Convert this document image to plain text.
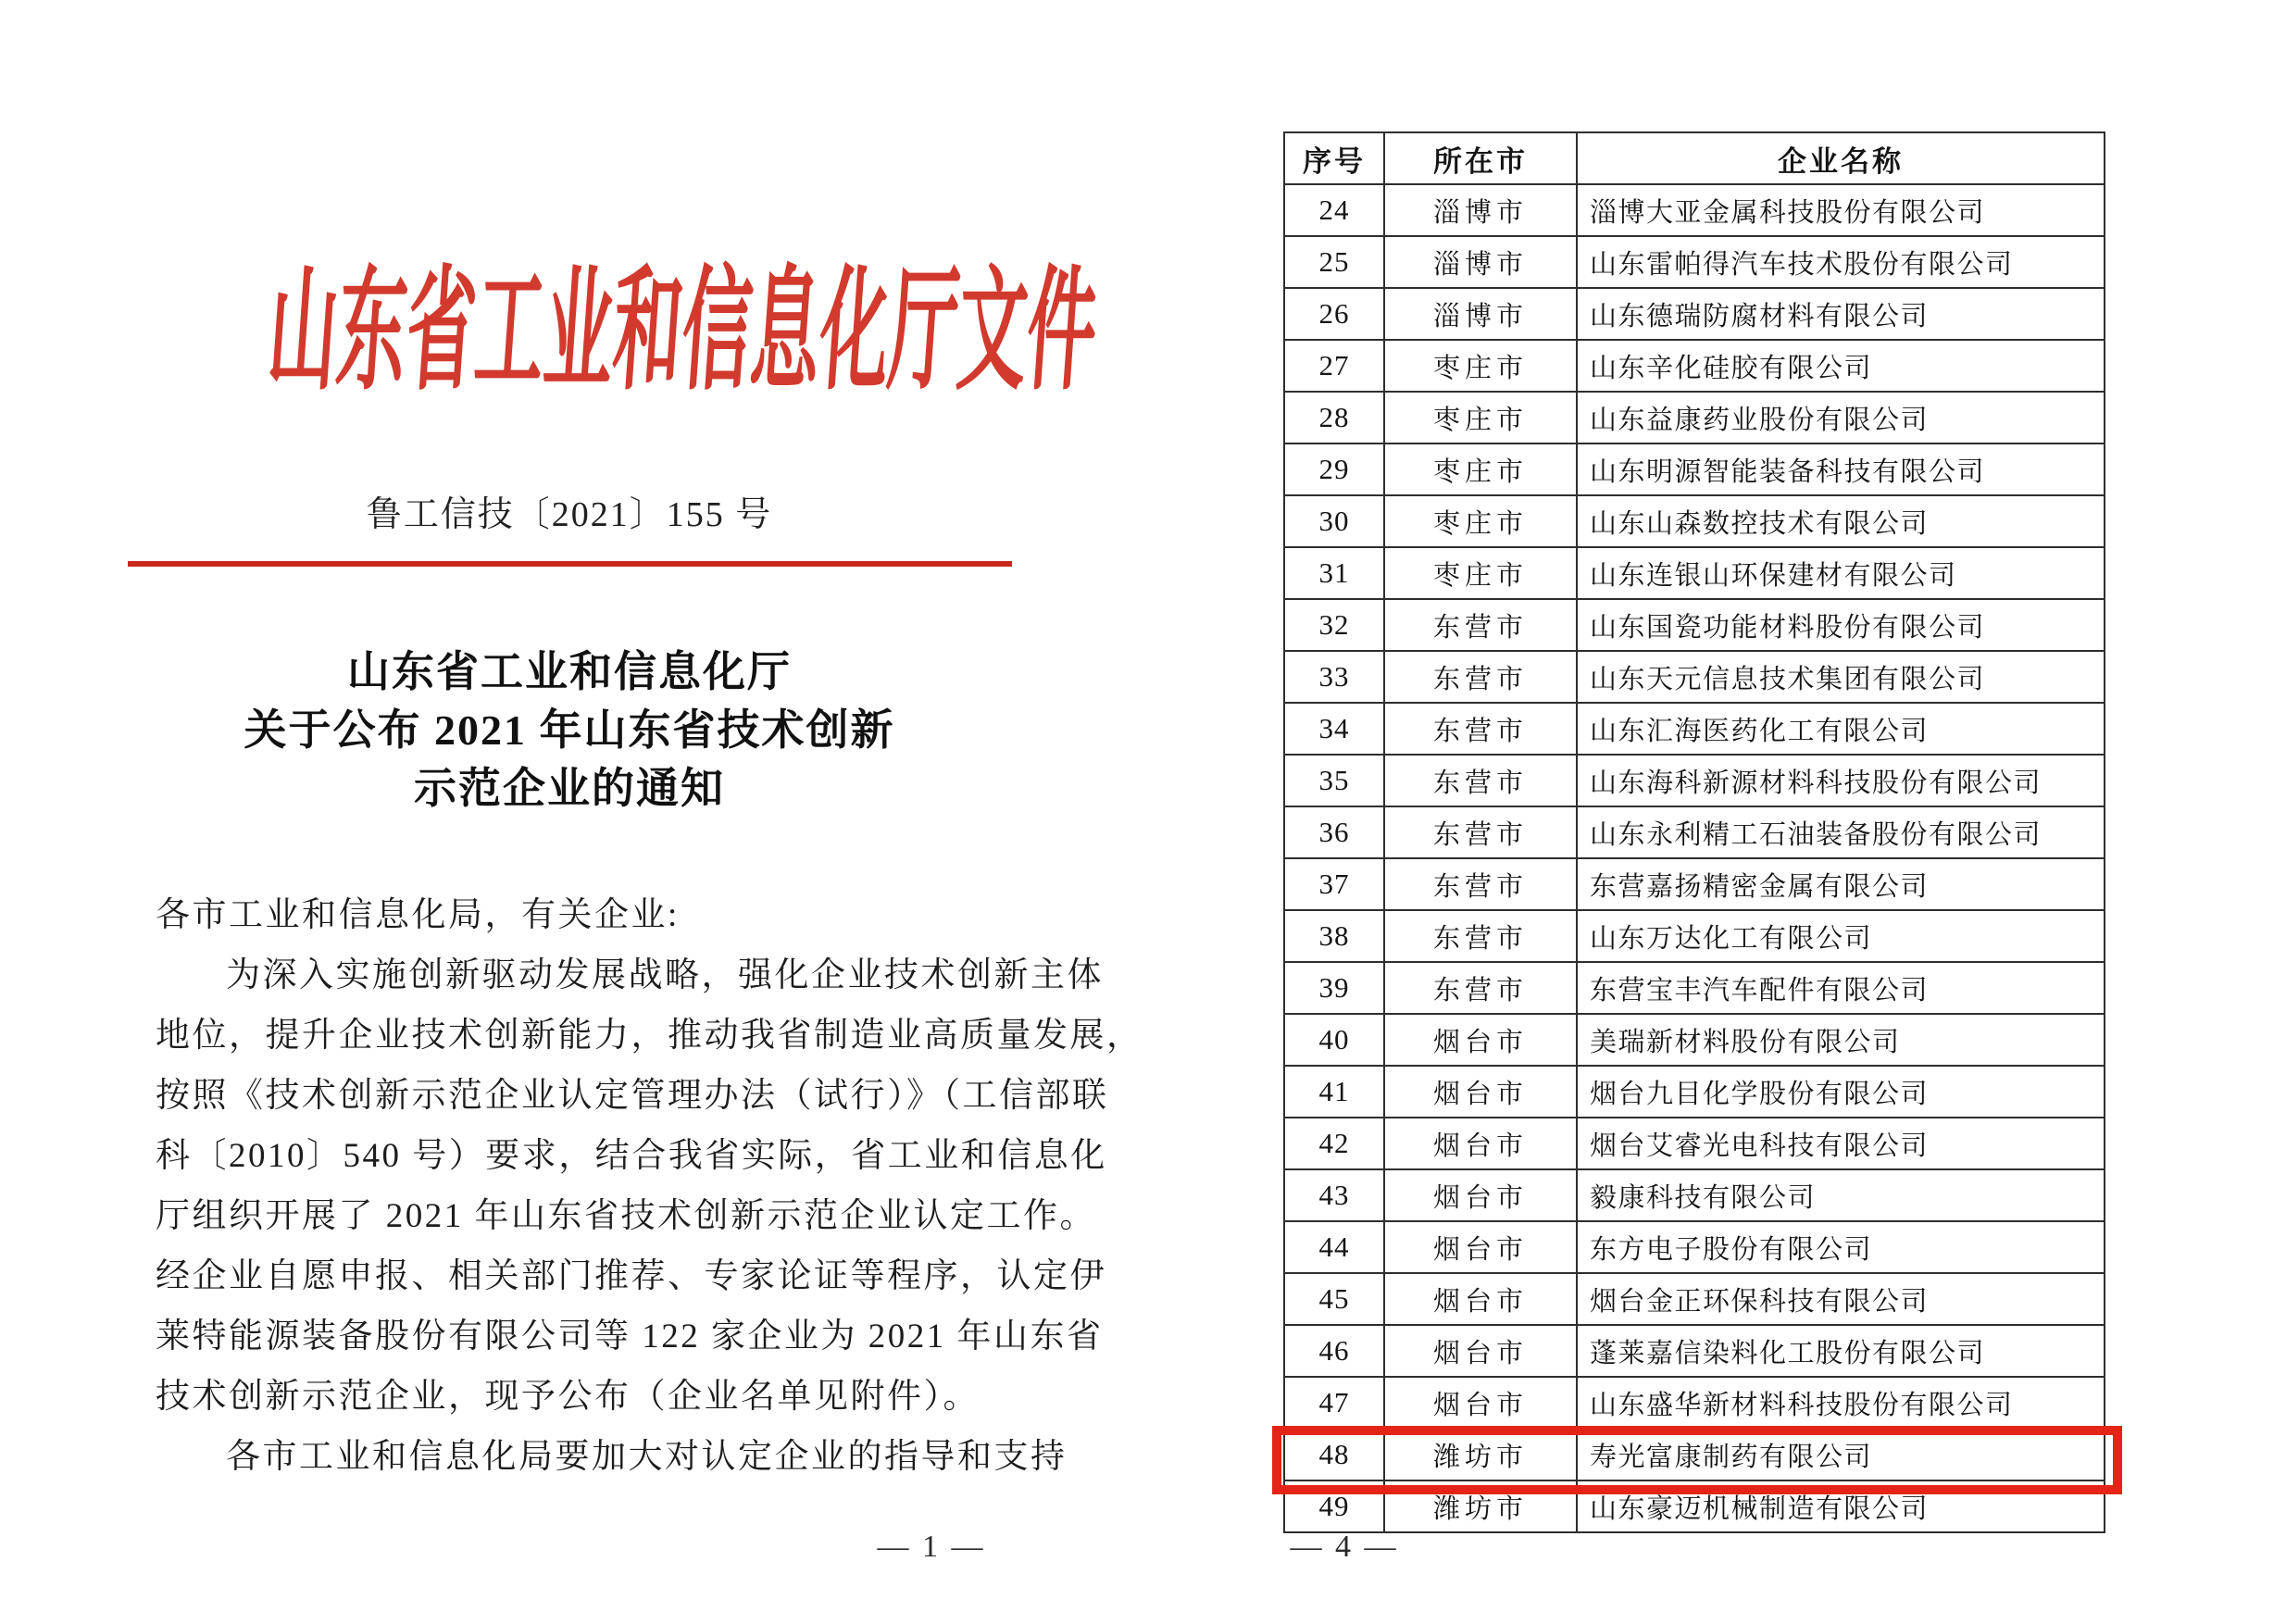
山东省工业和信息化厅文件
鲁工信技〔2021〕155 号
山东省工业和信息化厅
关于公布 2021 年山东省技术创新
示范企业的通知
各市工业和信息化局，有关企业:
为深入实施创新驱动发展战略，强化企业技术创新主体
地位，提升企业技术创新能力，推动我省制造业高质量发展，
按照《技术创新示范企业认定管理办法（试行）》（工信部联
科〔2010〕540 号）要求，结合我省实际，省工业和信息化
厅组织开展了 2021 年山东省技术创新示范企业认定工作。
经企业自愿申报、相关部门推荐、专家论证等程序，认定伊
莱特能源装备股份有限公司等 122 家企业为 2021 年山东省
技术创新示范企业，现予公布（企业名单见附件）。
各市工业和信息化局要加大对认定企业的指导和支持
— 1 —
序号	所在市	企业名称
24	淄博市	淄博大亚金属科技股份有限公司
25	淄博市	山东雷帕得汽车技术股份有限公司
26	淄博市	山东德瑞防腐材料有限公司
27	枣庄市	山东辛化硅胶有限公司
28	枣庄市	山东益康药业股份有限公司
29	枣庄市	山东明源智能装备科技有限公司
30	枣庄市	山东山森数控技术有限公司
31	枣庄市	山东连银山环保建材有限公司
32	东营市	山东国瓷功能材料股份有限公司
33	东营市	山东天元信息技术集团有限公司
34	东营市	山东汇海医药化工有限公司
35	东营市	山东海科新源材料科技股份有限公司
36	东营市	山东永利精工石油装备股份有限公司
37	东营市	东营嘉扬精密金属有限公司
38	东营市	山东万达化工有限公司
39	东营市	东营宝丰汽车配件有限公司
40	烟台市	美瑞新材料股份有限公司
41	烟台市	烟台九目化学股份有限公司
42	烟台市	烟台艾睿光电科技有限公司
43	烟台市	毅康科技有限公司
44	烟台市	东方电子股份有限公司
45	烟台市	烟台金正环保科技有限公司
46	烟台市	蓬莱嘉信染料化工股份有限公司
47	烟台市	山东盛华新材料科技股份有限公司
48	潍坊市	寿光富康制药有限公司
49	潍坊市	山东豪迈机械制造有限公司
— 4 —
